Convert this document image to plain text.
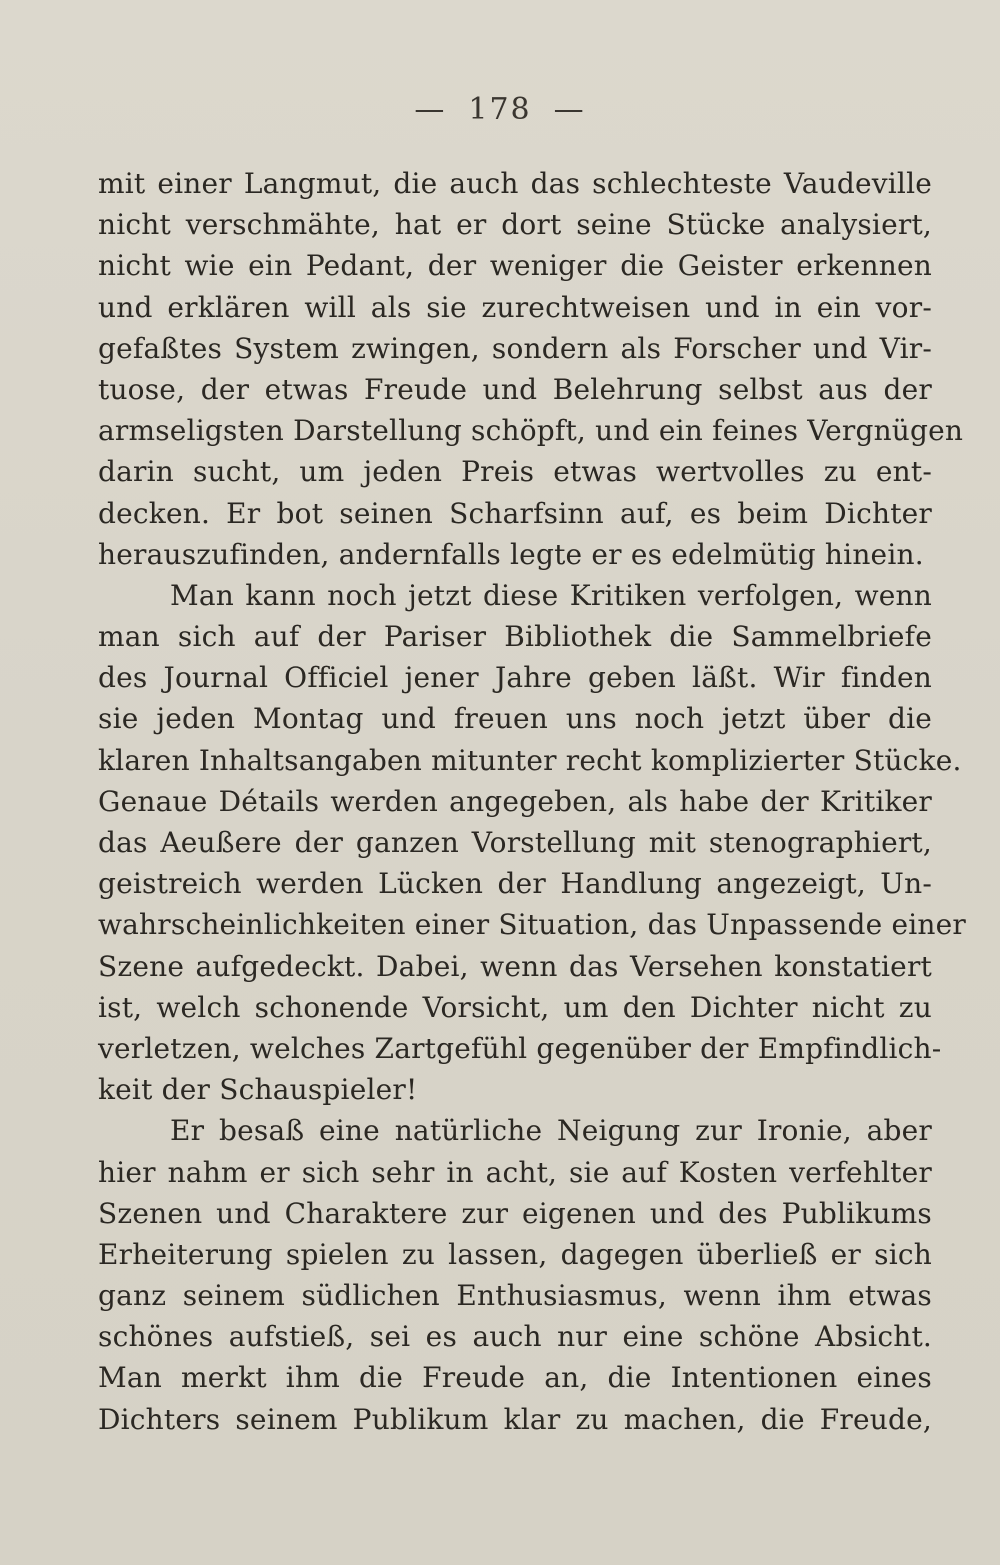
— 178 —
mit einer Langmut, die auch das schlechteste Vaudeville
nicht verschmähte, hat er dort seine Stücke analysiert,
nicht wie ein Pedant, der weniger die Geister erkennen
und erklären will als sie zurechtweisen und in ein vor-
gefaßtes System zwingen, sondern als Forscher und Vir-
tuose, der etwas Freude und Belehrung selbst aus der
armseligsten Darstellung schöpft, und ein feines Vergnügen
darin sucht, um jeden Preis etwas wertvolles zu ent-
decken. Er bot seinen Scharfsinn auf, es beim Dichter
herauszufinden, andernfalls legte er es edelmütig hinein.
Man kann noch jetzt diese Kritiken verfolgen, wenn
man sich auf der Pariser Bibliothek die Sammelbriefe
des Journal Officiel jener Jahre geben läßt. Wir finden
sie jeden Montag und freuen uns noch jetzt über die
klaren Inhaltsangaben mitunter recht komplizierter Stücke.
Genaue Détails werden angegeben, als habe der Kritiker
das Aeußere der ganzen Vorstellung mit stenographiert,
geistreich werden Lücken der Handlung angezeigt, Un-
wahrscheinlichkeiten einer Situation, das Unpassende einer
Szene aufgedeckt. Dabei, wenn das Versehen konstatiert
ist, welch schonende Vorsicht, um den Dichter nicht zu
verletzen, welches Zartgefühl gegenüber der Empfindlich-
keit der Schauspieler!
Er besaß eine natürliche Neigung zur Ironie, aber
hier nahm er sich sehr in acht, sie auf Kosten verfehlter
Szenen und Charaktere zur eigenen und des Publikums
Erheiterung spielen zu lassen, dagegen überließ er sich
ganz seinem südlichen Enthusiasmus, wenn ihm etwas
schönes aufstieß, sei es auch nur eine schöne Absicht.
Man merkt ihm die Freude an, die Intentionen eines
Dichters seinem Publikum klar zu machen, die Freude,
